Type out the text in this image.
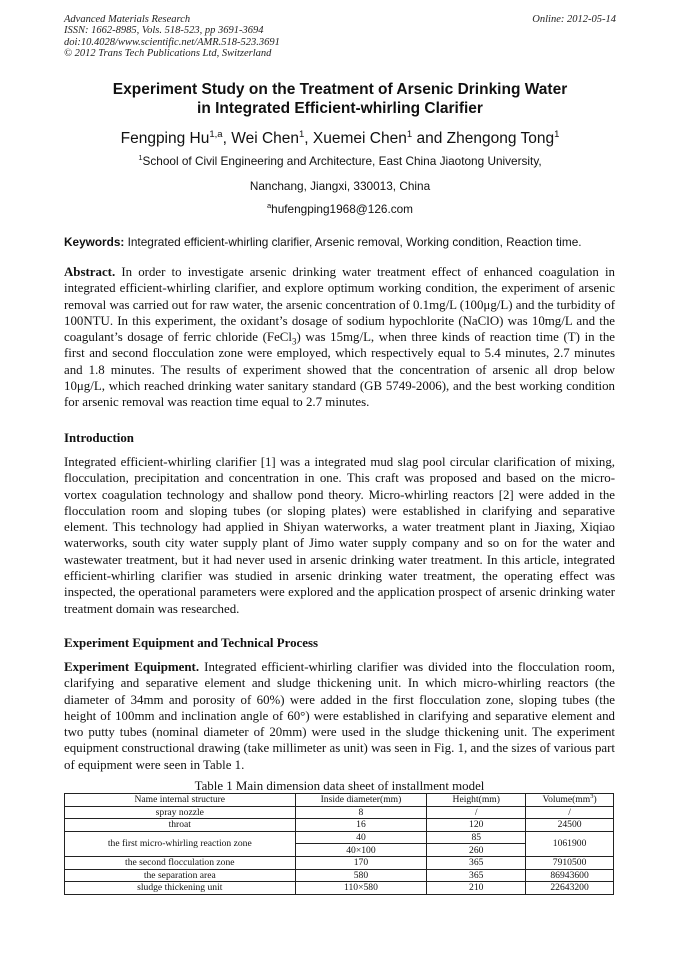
Advanced Materials Research
ISSN: 1662-8985, Vols. 518-523, pp 3691-3694
doi:10.4028/www.scientific.net/AMR.518-523.3691
© 2012 Trans Tech Publications Ltd, Switzerland
Online: 2012-05-14
Experiment Study on the Treatment of Arsenic Drinking Water
in Integrated Efficient-whirling Clarifier
Fengping Hu$^{1,a}$, Wei Chen$^1$, Xuemei Chen$^1$ and Zhengong Tong$^1$
$^1$School of Civil Engineering and Architecture, East China Jiaotong University,
Nanchang, Jiangxi, 330013, China
$^a$hufengping1968@126.com
Keywords: Integrated efficient-whirling clarifier, Arsenic removal, Working condition, Reaction time.
Abstract. In order to investigate arsenic drinking water treatment effect of enhanced coagulation in integrated efficient-whirling clarifier, and explore optimum working condition, the experiment of arsenic removal was carried out for raw water, the arsenic concentration of 0.1mg/L (100μg/L) and the turbidity of 100NTU. In this experiment, the oxidant’s dosage of sodium hypochlorite (NaClO) was 10mg/L and the coagulant’s dosage of ferric chloride (FeCl$_3$) was 15mg/L, when three kinds of reaction time (T) in the first and second flocculation zone were employed, which respectively equal to 5.4 minutes, 2.7 minutes and 1.8 minutes. The results of experiment showed that the concentration of arsenic all drop below 10μg/L, which reached drinking water sanitary standard (GB 5749-2006), and the best working condition for arsenic removal was reaction time equal to 2.7 minutes.
Introduction
Integrated efficient-whirling clarifier [1] was a integrated mud slag pool circular clarification of mixing, flocculation, precipitation and concentration in one. This craft was proposed and based on the micro-vortex coagulation technology and shallow pond theory. Micro-whirling reactors [2] were added in the flocculation room and sloping tubes (or sloping plates) were established in clarifying and separative element. This technology had applied in Shiyan waterworks, a water treatment plant in Jiaxing, Xiqiao waterworks, south city water supply plant of Jimo water supply company and so on for the water and wastewater treatment, but it had never used in arsenic drinking water treatment. In this article, integrated efficient-whirling clarifier was studied in arsenic drinking water treatment, the operating effect was inspected, the operational parameters were explored and the application prospect of arsenic drinking water treatment domain was researched.
Experiment Equipment and Technical Process
Experiment Equipment. Integrated efficient-whirling clarifier was divided into the flocculation room, clarifying and separative element and sludge thickening unit. In which micro-whirling reactors (the diameter of 34mm and porosity of 60%) were added in the first flocculation zone, sloping tubes (the height of 100mm and inclination angle of 60°) were established in clarifying and separative element and two putty tubes (nominal diameter of 20mm) were used in the sludge thickening unit. The experiment equipment constructional drawing (take millimeter as unit) was seen in Fig. 1, and the sizes of various part of equipment were seen in Table 1.
Table 1 Main dimension data sheet of installment model
Name internal structure	Inside diameter(mm)	Height(mm)	$Volume(mm^3)$
spray nozzle	8	/	/
throat	16	120	24500
the first micro-whirling reaction zone	40	85	1061900
	40×100	260	
the second flocculation zone	170	365	7910500
the separation area	580	365	86943600
sludge thickening unit	110×580	210	22643200
